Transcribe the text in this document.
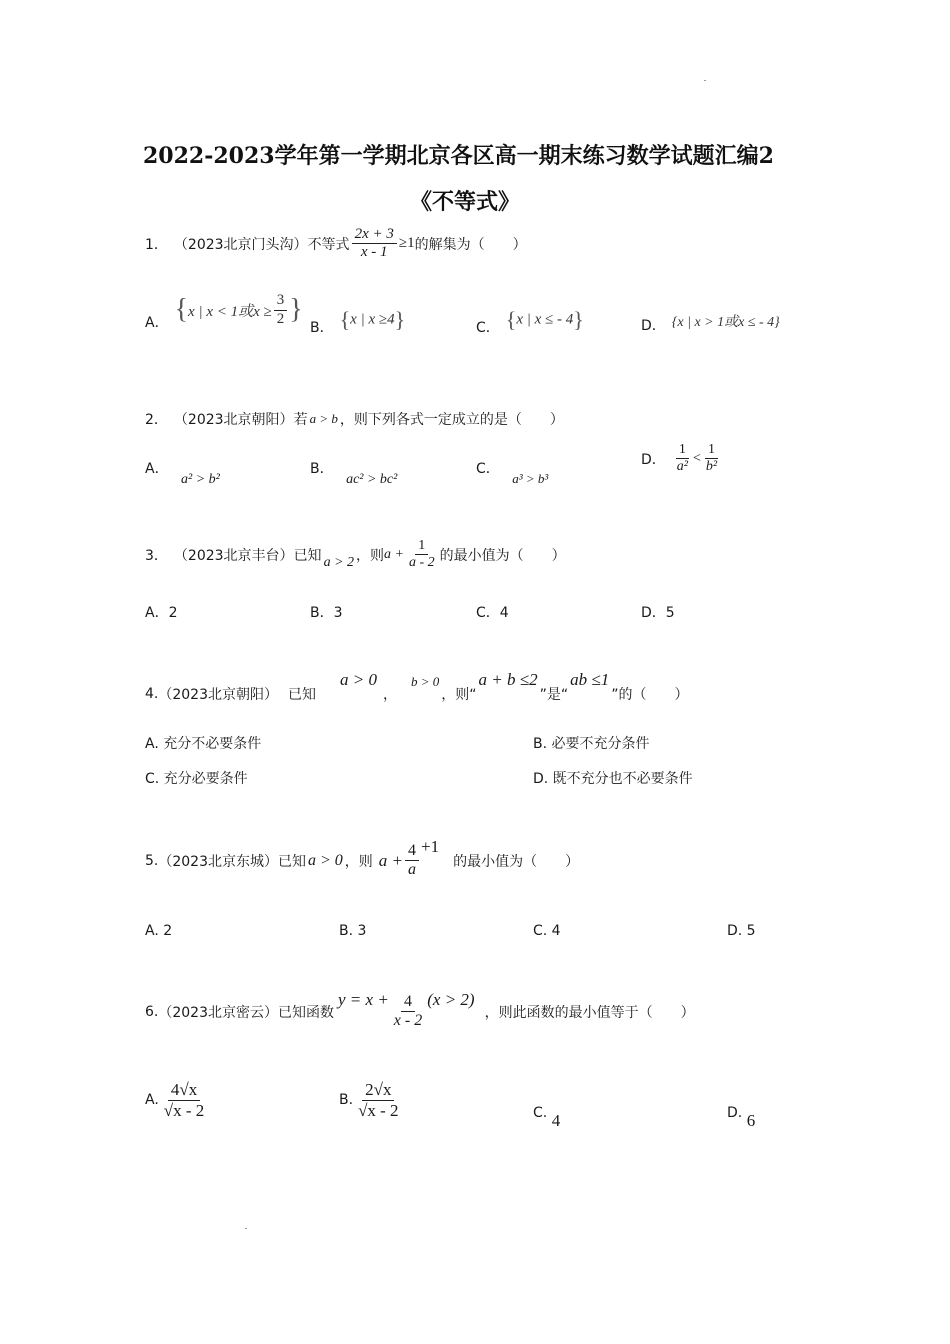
2022-2023学年第一学期北京各区高一期末练习数学试题汇编2
《不等式》
1． （2023北京门头沟） 不等式 $\frac{2x + 3}{x - 1} \ge 1$ 的解集为（　　）
A． { x | x < 1或$x \ge \frac{3}{2}$ }
B． {x | x ≥4}	C． {x | x ≤ - 4}	D． {x | x > 1或x ≤ - 4}
2． （2023北京朝阳） 若 a > b ，则下列各式一定成立的是（　　）
A． a² > b²
B． ac² > bc²
C． a³ > b³
D． $\frac{1}{\text{a²}} < \frac{1}{\text{b²}}$
3． （2023北京丰台） 已知 a > 2 ，则 $a + \frac{1}{a - 2}$ 的最小值为（　　）
A．2	B．3	C．4	D．5
4. （2023北京朝阳） 已知
a > 0
，
b > 0
，则“
a + b ≤2
”是“
ab ≤1
”的（　　）
A. 充分不必要条件	B. 必要不充分条件
C. 充分必要条件	D. 既不充分也不必要条件
5. （2023北京东城） 已知 a > 0 ，则 $a + \frac{4}{a} +1$
的最小值为（　　）
A. 2	B. 3	C. 4	D. 5
6. （2023北京密云） 已知函数
$y = x + \frac{4}{x - 2} (x > 2)$
，则此函数的最小值等于（　　）
A. $\frac{4√x}{√x - 2}$	B. $\frac{2√x}{√x - 2}$	C. 4	D. 6
